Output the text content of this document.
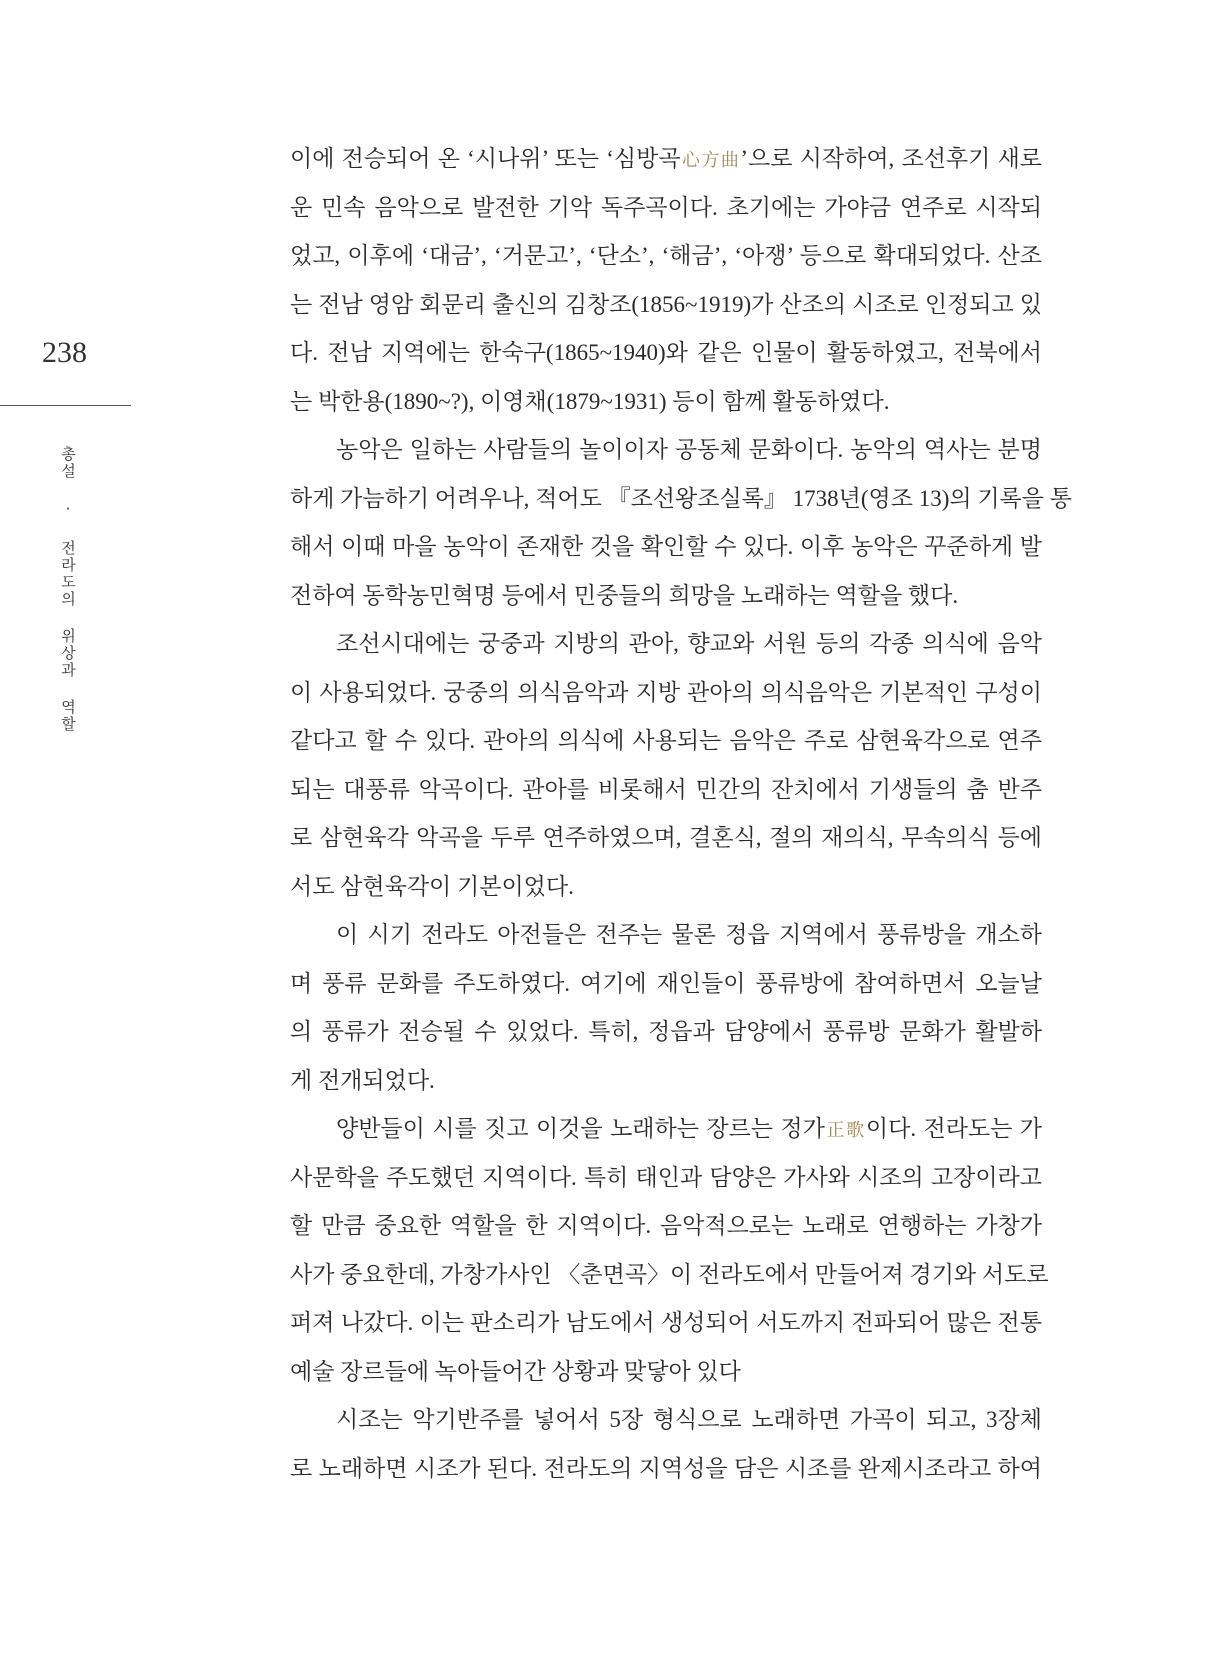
238
총설 · 전라도의 위상과 역할
이에 전승되어 온 ‘시나위’ 또는 ‘심방곡心方曲’으로 시작하여, 조선후기 새로
운 민속 음악으로 발전한 기악 독주곡이다. 초기에는 가야금 연주로 시작되
었고, 이후에 ‘대금’, ‘거문고’, ‘단소’, ‘해금’, ‘아쟁’ 등으로 확대되었다. 산조
는 전남 영암 회문리 출신의 김창조(1856~1919)가 산조의 시조로 인정되고 있
다. 전남 지역에는 한숙구(1865~1940)와 같은 인물이 활동하였고, 전북에서
는 박한용(1890~?), 이영채(1879~1931) 등이 함께 활동하였다.
농악은 일하는 사람들의 놀이이자 공동체 문화이다. 농악의 역사는 분명
하게 가늠하기 어려우나, 적어도 『조선왕조실록』 1738년(영조 13)의 기록을 통
해서 이때 마을 농악이 존재한 것을 확인할 수 있다. 이후 농악은 꾸준하게 발
전하여 동학농민혁명 등에서 민중들의 희망을 노래하는 역할을 했다.
조선시대에는 궁중과 지방의 관아, 향교와 서원 등의 각종 의식에 음악
이 사용되었다. 궁중의 의식음악과 지방 관아의 의식음악은 기본적인 구성이
같다고 할 수 있다. 관아의 의식에 사용되는 음악은 주로 삼현육각으로 연주
되는 대풍류 악곡이다. 관아를 비롯해서 민간의 잔치에서 기생들의 춤 반주
로 삼현육각 악곡을 두루 연주하였으며, 결혼식, 절의 재의식, 무속의식 등에
서도 삼현육각이 기본이었다.
이 시기 전라도 아전들은 전주는 물론 정읍 지역에서 풍류방을 개소하
며 풍류 문화를 주도하였다. 여기에 재인들이 풍류방에 참여하면서 오늘날
의 풍류가 전승될 수 있었다. 특히, 정읍과 담양에서 풍류방 문화가 활발하
게 전개되었다.
양반들이 시를 짓고 이것을 노래하는 장르는 정가正歌이다. 전라도는 가
사문학을 주도했던 지역이다. 특히 태인과 담양은 가사와 시조의 고장이라고
할 만큼 중요한 역할을 한 지역이다. 음악적으로는 노래로 연행하는 가창가
사가 중요한데, 가창가사인 〈춘면곡〉이 전라도에서 만들어져 경기와 서도로
퍼져 나갔다. 이는 판소리가 남도에서 생성되어 서도까지 전파되어 많은 전통
예술 장르들에 녹아들어간 상황과 맞닿아 있다
시조는 악기반주를 넣어서 5장 형식으로 노래하면 가곡이 되고, 3장체
로 노래하면 시조가 된다. 전라도의 지역성을 담은 시조를 완제시조라고 하여
